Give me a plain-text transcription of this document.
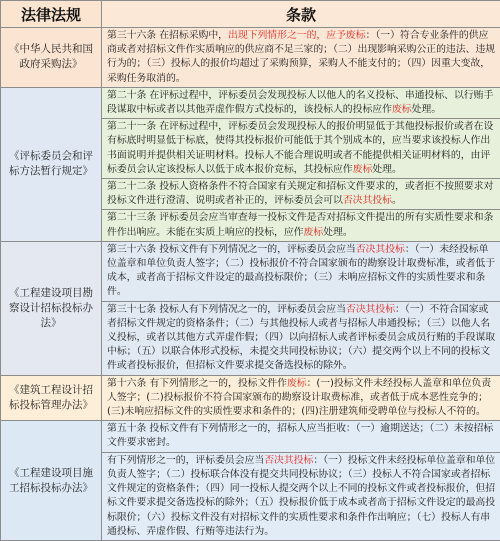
法律法规	条款
《中华人民共和国政府采购法》	第三十六条 在招标采购中，出现下列情形之一的，应予废标：（一）符合专业条件的供应商或者对招标文件作实质响应的供应商不足三家的；（二）出现影响采购公正的违法、违规行为的；（三）投标人的报价均超过了采购预算，采购人不能支付的；（四）因重大变故，采购任务取消的。
《评标委员会和评标方法暂行规定》	第二十条 在评标过程中，评标委员会发现投标人以他人的名义投标、串通投标、以行贿手段谋取中标或者以其他弄虚作假方式投标的，该投标人的投标应作废标处理。
	第二十一条 在评标过程中，评标委员会发现投标人的报价明显低于其他投标报价或者在设有标底时明显低于标底，使得其投标报价可能低于其个别成本的，应当要求该投标人作出书面说明并提供相关证明材料。投标人不能合理说明或者不能提供相关证明材料的，由评标委员会认定该投标人以低于成本报价竞标，其投标应作废标处理。
	第二十二条 投标人资格条件不符合国家有关规定和招标文件要求的，或者拒不按照要求对投标文件进行澄清、说明或者补正的，评标委员会可以否决其投标。
	第二十三条 评标委员会应当审查每一投标文件是否对招标文件提出的所有实质性要求和条件作出响应。未能在实质上响应的投标，应作废标处理。
《工程建设项目勘察设计招标投标办法》	第三十六条 投标文件有下列情况之一的，评标委员会应当否决其投标：（一）未经投标单位盖章和单位负责人签字；（二）投标报价不符合国家颁布的勘察设计取费标准，或者低于成本，或者高于招标文件设定的最高投标限价；（三）未响应招标文件的实质性要求和条件。
	第三十七条 投标人有下列情况之一的，评标委员会应当否决其投标：（一）不符合国家或者招标文件规定的资格条件；（二）与其他投标人或者与招标人串通投标；（三）以他人名义投标，或者以其他方式弄虚作假；（四）以向招标人或者评标委员会成员行贿的手段谋取中标；（五）以联合体形式投标，未提交共同投标协议；（六）提交两个以上不同的投标文件或者投标报价，但招标文件要求提交备选投标的除外。
《建筑工程设计招标投标管理办法》	第十六条 有下列情形之一的，投标文件作废标：(一)投标文件未经投标人盖章和单位负责人签字；(二)投标报价不符合国家颁布的勘察设计取费标准，或者低于成本恶性竞争的；(三)未响应招标文件的实质性要求和条件的；(四)注册建筑师受聘单位与投标人不符的。
《工程建设项目施工招标投标办法》	第五十条 投标文件有下列情形之一的，招标人应当拒收：（一）逾期送达；（二）未按招标文件要求密封。
	有下列情形之一的，评标委员会应当否决其投标：（一）投标文件未经投标单位盖章和单位负责人签字；（二）投标联合体没有提交共同投标协议；（三）投标人不符合国家或者招标文件规定的资格条件；（四）同一投标人提交两个以上不同的投标文件或者投标报价，但招标文件要求提交备选投标的除外；（五）投标报价低于成本或者高于招标文件设定的最高投标限价；（六）投标文件没有对招标文件的实质性要求和条件作出响应；（七）投标人有串通投标、弄虚作假、行贿等违法行为。
